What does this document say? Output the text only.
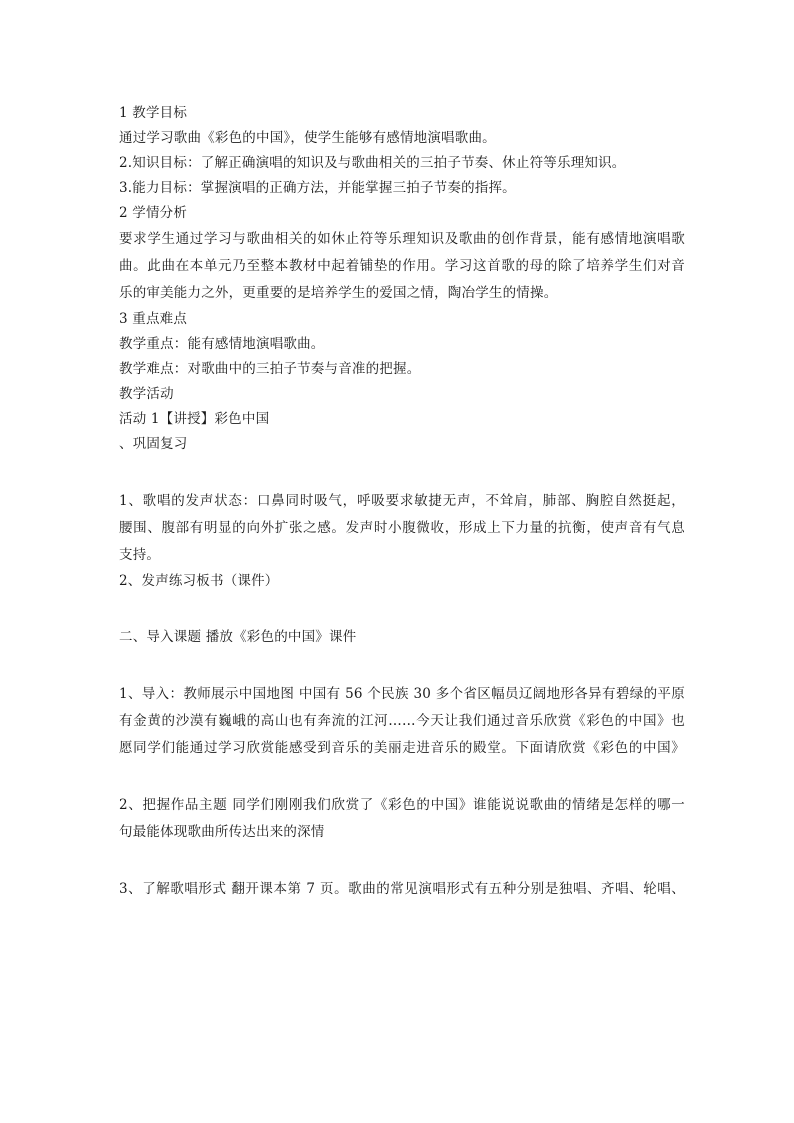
1 教学目标
通过学习歌曲《彩色的中国》，使学生能够有感情地演唱歌曲。
2.知识目标：了解正确演唱的知识及与歌曲相关的三拍子节奏、休止符等乐理知识。
3.能力目标：掌握演唱的正确方法，并能掌握三拍子节奏的指挥。
2 学情分析
要求学生通过学习与歌曲相关的如休止符等乐理知识及歌曲的创作背景，能有感情地演唱歌
曲。此曲在本单元乃至整本教材中起着铺垫的作用。学习这首歌的母的除了培养学生们对音
乐的审美能力之外，更重要的是培养学生的爱国之情，陶冶学生的情操。
3 重点难点
教学重点：能有感情地演唱歌曲。
教学难点：对歌曲中的三拍子节奏与音准的把握。
教学活动
活动 1【讲授】彩色中国
、巩固复习
1、歌唱的发声状态：口鼻同时吸气，呼吸要求敏捷无声，不耸肩，肺部、胸腔自然挺起，
腰围、腹部有明显的向外扩张之感。发声时小腹微收，形成上下力量的抗衡，使声音有气息
支持。
2、发声练习板书（课件）
二、导入课题 播放《彩色的中国》课件
1、导入：教师展示中国地图 中国有 56 个民族 30 多个省区幅员辽阔地形各异有碧绿的平原
有金黄的沙漠有巍峨的高山也有奔流的江河……今天让我们通过音乐欣赏《彩色的中国》也
愿同学们能通过学习欣赏能感受到音乐的美丽走进音乐的殿堂。下面请欣赏《彩色的中国》
2、把握作品主题 同学们刚刚我们欣赏了《彩色的中国》谁能说说歌曲的情绪是怎样的哪一
句最能体现歌曲所传达出来的深情
3、了解歌唱形式 翻开课本第 7 页。歌曲的常见演唱形式有五种分别是独唱、齐唱、轮唱、
